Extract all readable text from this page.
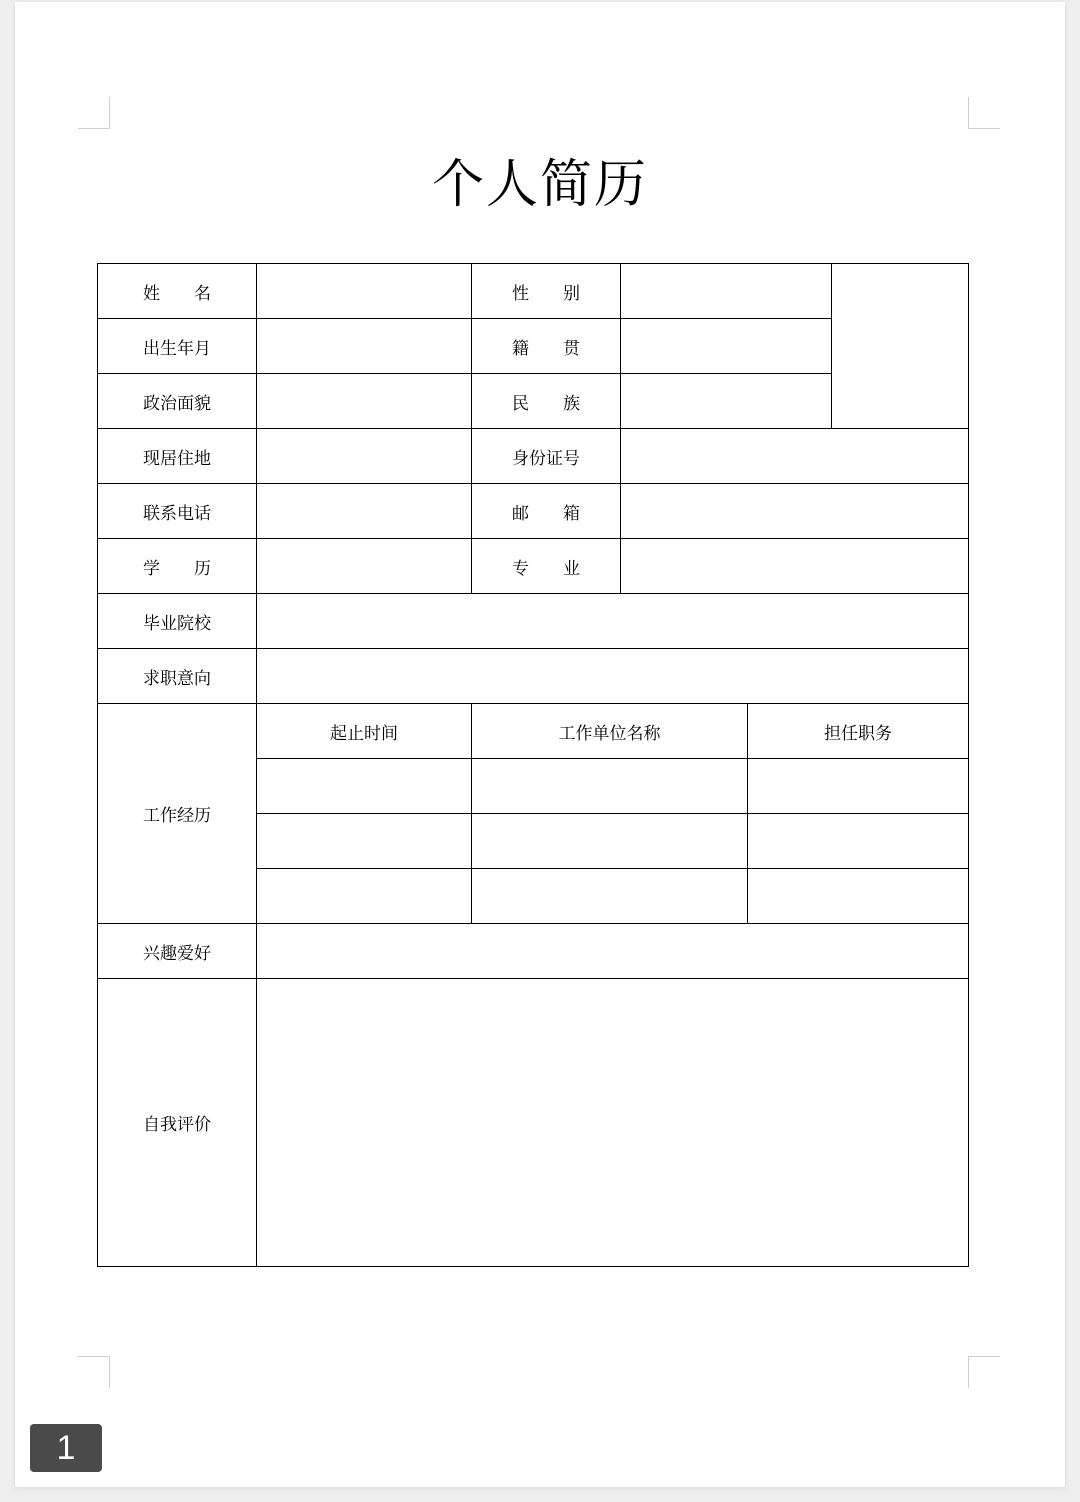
个人简历
姓　　名		性　　别			
出生年月		籍　　贯			
政治面貌		民　　族			
现居住地		身份证号			
联系电话		邮　　箱			
学　　历		专　　业			
毕业院校					
求职意向					
工作经历	起止时间	工作单位名称		担任职务	

兴趣爱好					
自我评价					
1
